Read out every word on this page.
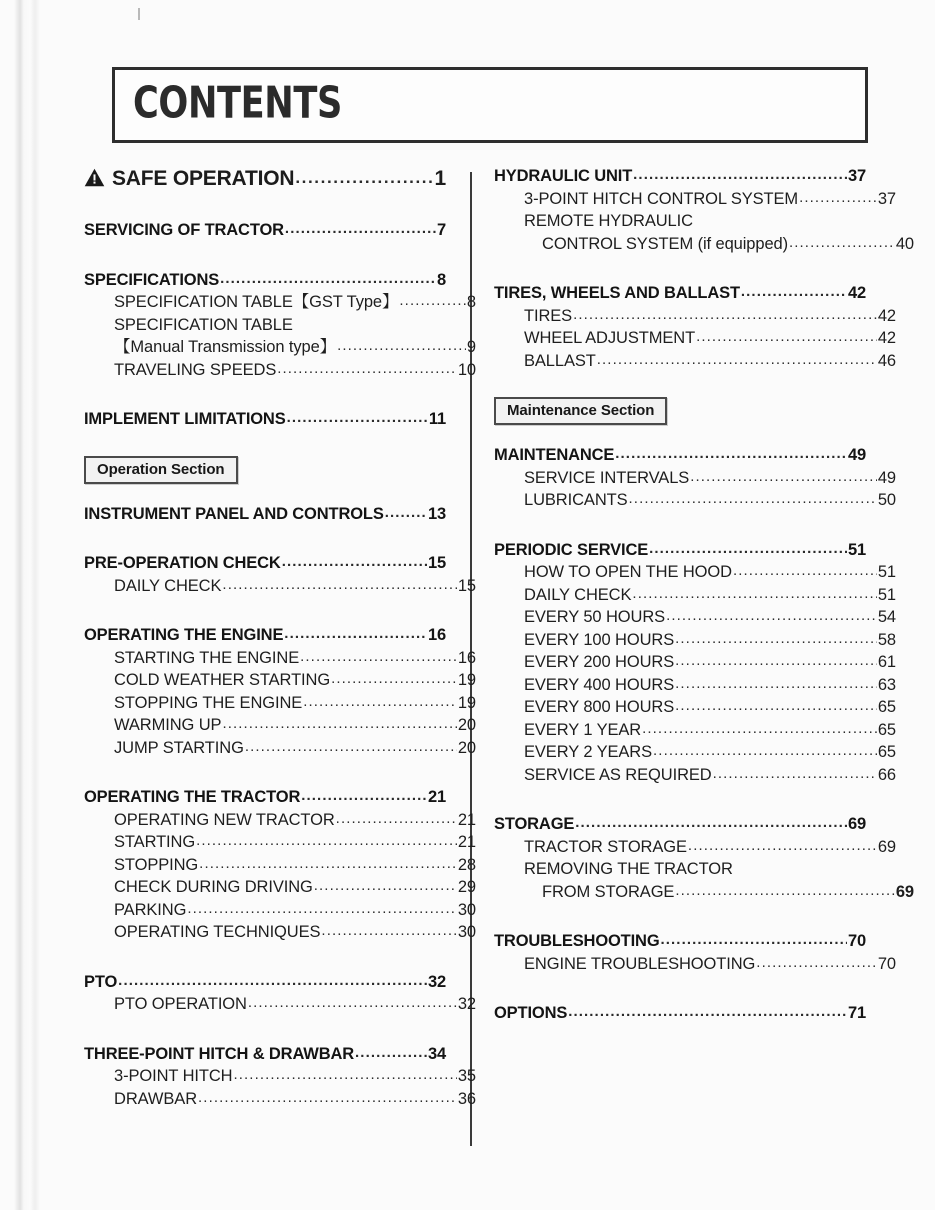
CONTENTS
SAFE OPERATION .....	1
SERVICING OF TRACTOR .....	7
SPECIFICATIONS .....	8
SPECIFICATION TABLE【GST Type】 .....	8
SPECIFICATION TABLE
【Manual Transmission type】 .....	9
TRAVELING SPEEDS .....	10
IMPLEMENT LIMITATIONS .....	11
Operation Section
INSTRUMENT PANEL AND CONTROLS .....	13
PRE-OPERATION CHECK .....	15
DAILY CHECK .....	15
OPERATING THE ENGINE .....	16
STARTING THE ENGINE .....	16
COLD WEATHER STARTING .....	19
STOPPING THE ENGINE .....	19
WARMING UP .....	20
JUMP STARTING .....	20
OPERATING THE TRACTOR .....	21
OPERATING NEW TRACTOR .....	21
STARTING .....	21
STOPPING .....	28
CHECK DURING DRIVING .....	29
PARKING .....	30
OPERATING TECHNIQUES .....	30
PTO .....	32
PTO OPERATION .....	32
THREE-POINT HITCH & DRAWBAR .....	34
3-POINT HITCH .....	35
DRAWBAR .....	36
HYDRAULIC UNIT .....	37
3-POINT HITCH CONTROL SYSTEM .....	37
REMOTE HYDRAULIC
CONTROL SYSTEM (if equipped) .....	40
TIRES, WHEELS AND BALLAST .....	42
TIRES .....	42
WHEEL ADJUSTMENT .....	42
BALLAST .....	46
Maintenance Section
MAINTENANCE .....	49
SERVICE INTERVALS .....	49
LUBRICANTS .....	50
PERIODIC SERVICE .....	51
HOW TO OPEN THE HOOD .....	51
DAILY CHECK .....	51
EVERY 50 HOURS .....	54
EVERY 100 HOURS .....	58
EVERY 200 HOURS .....	61
EVERY 400 HOURS .....	63
EVERY 800 HOURS .....	65
EVERY 1 YEAR .....	65
EVERY 2 YEARS .....	65
SERVICE AS REQUIRED .....	66
STORAGE .....	69
TRACTOR STORAGE .....	69
REMOVING THE TRACTOR
FROM STORAGE .....	69
TROUBLESHOOTING .....	70
ENGINE TROUBLESHOOTING .....	70
OPTIONS .....	71
